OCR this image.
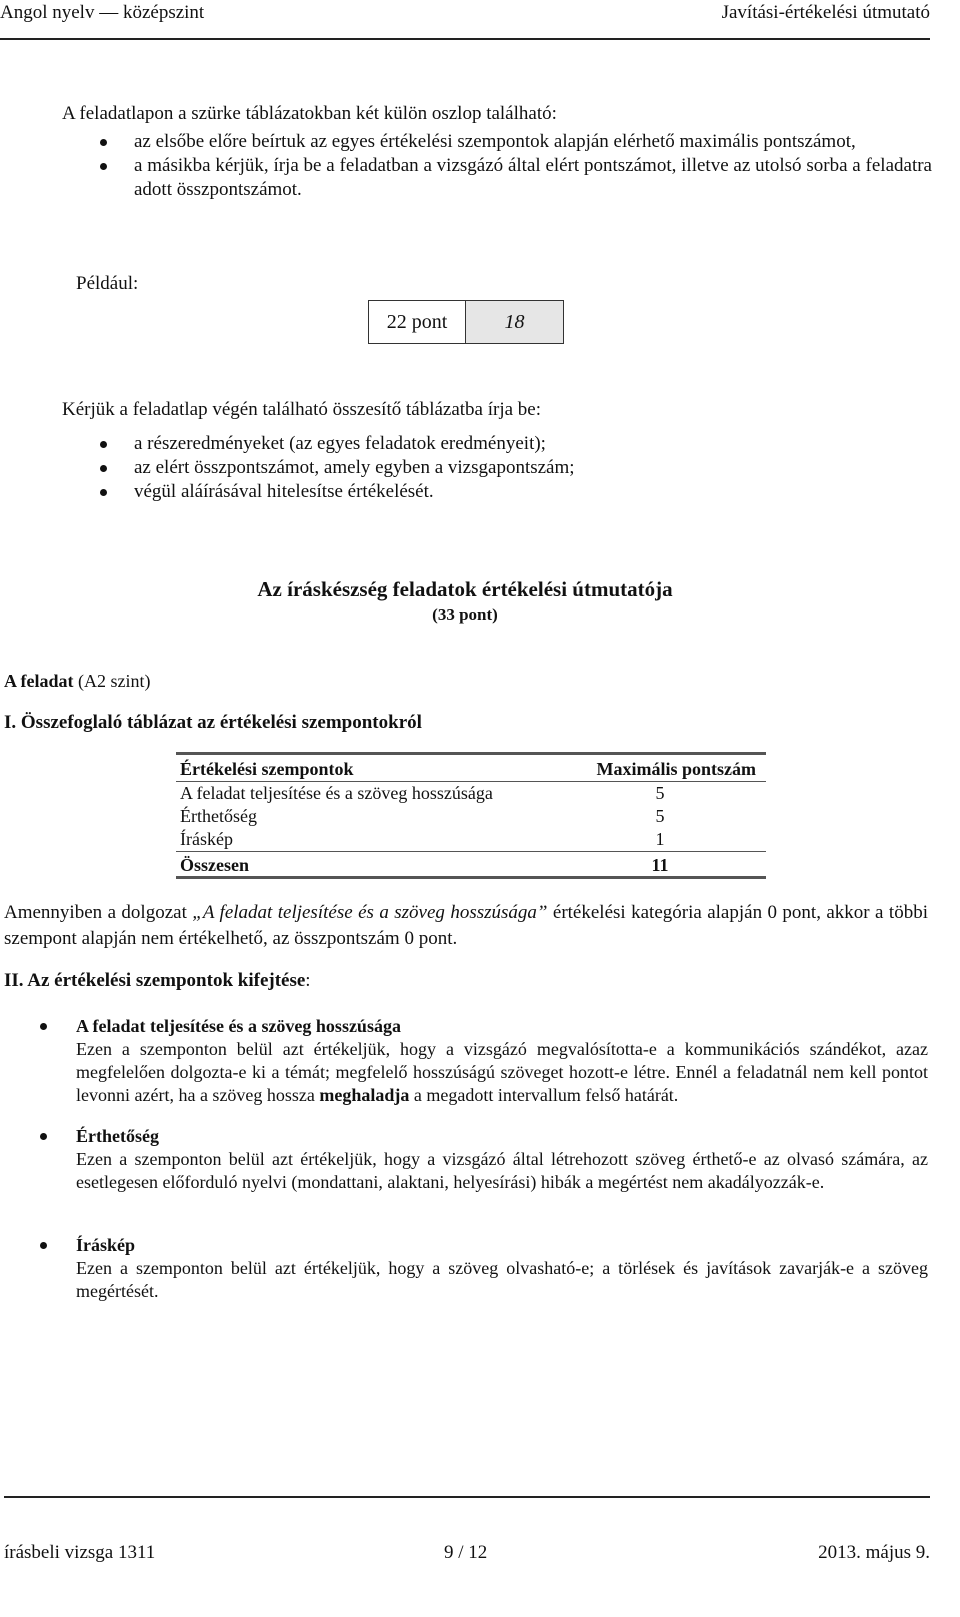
Angol nyelv — középszint	Javítási-értékelési útmutató
A feladatlapon a szürke táblázatokban két külön oszlop található:
az elsőbe előre beírtuk az egyes értékelési szempontok alapján elérhető maximális pontszámot,
a másikba kérjük, írja be a feladatban a vizsgázó által elért pontszámot, illetve az utolsó sorba a feladatra adott összpontszámot.
Például:
22 pont	18
Kérjük a feladatlap végén található összesítő táblázatba írja be:
a részeredményeket (az egyes feladatok eredményeit);
az elért összpontszámot, amely egyben a vizsgapontszám;
végül aláírásával hitelesítse értékelését.
Az íráskészség feladatok értékelési útmutatója
(33 pont)
A feladat (A2 szint)
I. Összefoglaló táblázat az értékelési szempontokról
Értékelési szempontok	Maximális pontszám
A feladat teljesítése és a szöveg hosszúsága	5
Érthetőség	5
Íráskép	1
Összesen	11
Amennyiben a dolgozat „A feladat teljesítése és a szöveg hosszúsága” értékelési kategória alapján 0 pont, akkor a többi szempont alapján nem értékelhető, az összpontszám 0 pont.
II. Az értékelési szempontok kifejtése:
A feladat teljesítése és a szöveg hosszúsága
Ezen a szemponton belül azt értékeljük, hogy a vizsgázó megvalósította-e a kommunikációs szándékot, azaz megfelelően dolgozta-e ki a témát; megfelelő hosszúságú szöveget hozott-e létre. Ennél a feladatnál nem kell pontot levonni azért, ha a szöveg hossza meghaladja a megadott intervallum felső határát.
Érthetőség
Ezen a szemponton belül azt értékeljük, hogy a vizsgázó által létrehozott szöveg érthető-e az olvasó számára, az esetlegesen előforduló nyelvi (mondattani, alaktani, helyesírási) hibák a megértést nem akadályozzák-e.
Íráskép
Ezen a szemponton belül azt értékeljük, hogy a szöveg olvasható-e; a törlések és javítások zavarják-e a szöveg megértését.
írásbeli vizsga 1311	9 / 12	2013. május 9.
